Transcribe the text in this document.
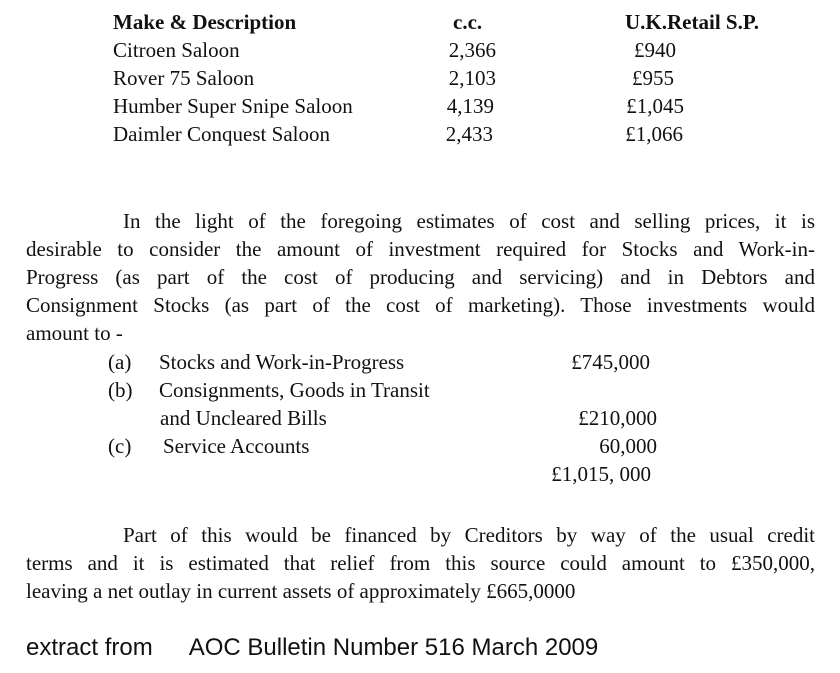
Make & Description	c.c.	U.K.Retail S.P.
Citroen Saloon	2,366	£940
Rover 75 Saloon	2,103	£955
Humber Super Snipe Saloon	4,139	£1,045
Daimler Conquest Saloon	2,433	£1,066
In the light of the foregoing estimates of cost and selling prices, it is
desirable to consider the amount of investment required for Stocks and Work-in-
Progress (as part of the cost of producing and servicing) and in Debtors and
Consignment Stocks (as part of the cost of marketing). Those investments would
amount to -
(a) Stocks and Work-in-Progress	£745,000
(b) Consignments, Goods in Transit
and Uncleared Bills	£210,000
(c) Service Accounts	60,000
£1,015, 000
Part of this would be financed by Creditors by way of the usual credit
terms and it is estimated that relief from this source could amount to £350,000,
leaving a net outlay in current assets of approximately £665,0000
extract from AOC Bulletin Number 516 March 2009
